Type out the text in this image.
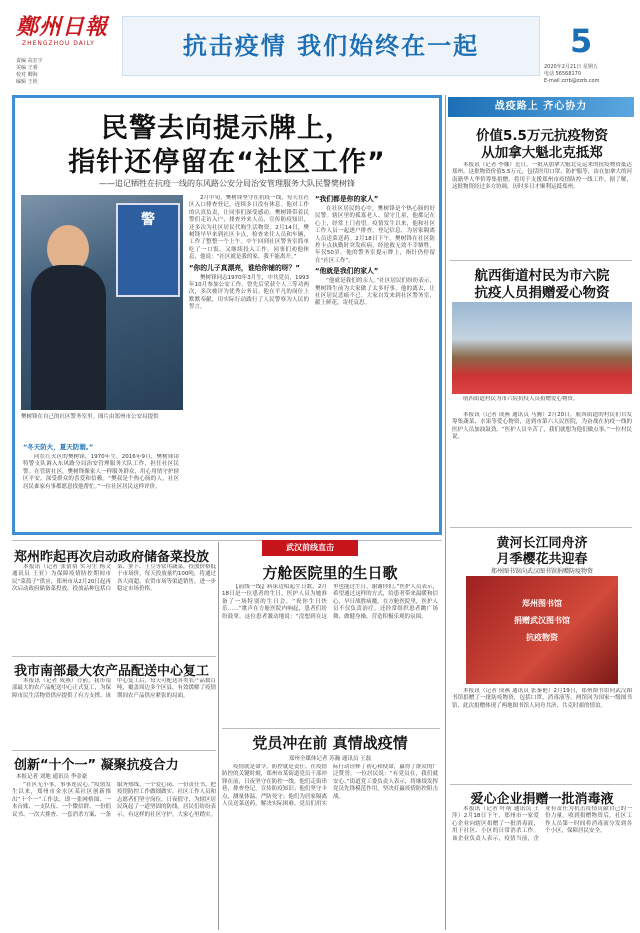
鄭州日報
ZHENGZHOU DAILY
责编 高宏宇
美编 王睿
校对 卿海
编辑 王艳
抗击疫情 我们始终在一起	5
2020年2月21日 星期五
电话 56568170
E-mail zzrb@zzrb.com
民警去向提示牌上，
指针还停留在“社区工作”
——追记牺牲在抗疫一线的东风路公安分局治安管理服务大队民警樊树锋
警
樊树锋在自己的社区警务室里。图片由郑州市公安局提供
“冬天防火，夏天防溺。”

同在红火区的樊树锋，1970年生，2016年9月，樊树锋由特警支队调入东风路分局治安管理服务大队工作，担任社区民警。在管辖社区，樊树锋像家人一样服务群众，用心用情守护辖区平安，深受群众的喜爱和信赖。“樊叔是个热心肠的人，社区居民谁家有事都愿意找他帮忙。”一位社区居民这样评价。

2月中旬，樊树锋坚守在抗疫一线，每天在社区入口排查登记，连续多日没有休息。他对工作的认真负责，让同事们深受感动。樊树锋带着民警们走访入户，排查外来人员，宣传防疫知识，还多次为社区居民代购生活物资。2月14日，樊树锋早早来到社区卡点，检查来往人员和车辆，工作了整整一个上午。中午回到社区警务室简单吃了一口饭，又继续投入工作。同事们劝他休息，他说：“社区就是我的家，我不能离开。”

“你的儿子真漂亮，谁给你铺的呀？”

樊树锋同志1970年3月生，中共党员，1993年10月参加公安工作。曾先后荣获个人三等功两次，多次被评为优秀公务员。他在平凡的岗位上默默奉献，用实际行动践行了人民警察为人民的誓言。

“我们都是你的家人”

在社区居民的心中，樊树锋是个热心肠的好民警。辖区里的孤寡老人、留守儿童，他都记在心上，经常上门看望。疫情发生以来，他和社区工作人员一起逐户排查，登记信息，为居家隔离人员送菜送药。2月18日下午，樊树锋在社区防控卡点执勤时突发疾病，经抢救无效不幸牺牲，年仅50岁。他的警务室提示牌上，指针仍停留在“社区工作”。

“他就是我们的家人”

“他就是我们的亲人。”社区居民们纷纷表示，樊树锋生前为大家做了太多好事。他的离去，让社区居民悲痛不已。大家自发来到社区警务室，献上鲜花，寄托哀思。

战疫路上 齐心协力
价值5.5万元抗疫物资
从加拿大魁北克抵郑

本报讯（记者 李娜）近日，一批从加拿大魁北克运来的抗疫物资抵达郑州。这批物资价值5.5万元，包括医用口罩、防护服等，由在加拿大的河南籍华人华侨筹集捐赠，将用于支援郑州市疫情防控一线工作。据了解，这批物资经过多方协调，历时多日才顺利运抵郑州。

航西街道村民为市六院
抗疫人员捐赠爱心物资

航西街道村民为市六院抗疫人员捐赠爱心物资。

本报讯（记者 成燕 通讯员 马腾）2月20日，航西街道的村民们自发筹集蔬菜、水果等爱心物资，送到市第六人民医院，为奋战在抗疫一线的医护人员加油鼓劲。“医护人员辛苦了，我们就想为他们做点事。”一位村民说。

黄河长江同舟济
月季樱花共迎春
郑州图书馆向武汉图书馆捐赠防疫物资
郑州图书馆
捐赠武汉图书馆
抗疫物资

本报讯（记者 成燕 通讯员 张秦艳）2月19日，郑州图书馆向武汉图书馆捐赠了一批防疫物资，包括口罩、消毒液等。两馆同为国家一级图书馆，此次捐赠体现了两地图书馆人同舟共济、共克时艰的情谊。

爱心企业捐赠一批消毒液

本报讯（记者 叶萌 通讯员 王萍）2月18日下午，郑州市一家爱心企业向辖区捐赠了一批消毒液，用于社区、小区的日常消杀工作。该企业负责人表示，疫情当前，企业有责任为抗击疫情贡献自己的一份力量。收到捐赠物资后，社区工作人员第一时间将消毒液分发到各个小区，保障居民安全。

郑州昨起再次启动政府储备菜投放

本报讯（记者 张倩倩 实习生 杨文 通讯员 王亚）为保障疫情防控期间市民“菜篮子”供应，郑州市从2月20日起再次启动政府储备菜投放，投放品种包括白菜、萝卜、土豆等常用蔬菜，投放价格低于市场价，每天投放量约100吨，将通过各大商超、农贸市场等渠道销售，进一步稳定市场价格。

我市南部最大农产品配送中心复工

本报讯（记者 成燕）日前，我市南部最大的农产品配送中心正式复工，为保障市民生活物资供应提供了有力支撑。该中心复工后，每天可配送各类农产品数百吨，覆盖周边多个区县，有效缓解了疫情期间农产品供应紧张的局面。

创新“十个一” 凝聚抗疫合力
本报记者 刘地 通讯员 李金豪

“社区无小事，事事连民心。”疫情发生以来，郑州市金水区某社区创新推出“十个一”工作法，即一张网格图、一本台账、一支队伍、一个微信群、一份倡议书、一次大排查、一套消杀方案、一条服务热线、一个爱心岗、一份责任书，把疫情防控工作做细做实。社区工作人员和志愿者们坚守岗位，日夜值守，为辖区居民筑起了一道坚固的防线。居民们纷纷表示，有这样的社区守护，大家心里踏实。

武汉前线直击
方舱医院里的生日歌

【前线一线】病床边唱起生日歌，2月18日是一位患者的生日，医护人员为她准备了一场特别的生日会。“祝你生日快乐……”歌声在方舱医院内响起，患者们纷纷鼓掌。这位患者激动地说：“没想到在这里也能过生日，谢谢你们。”医护人员表示，希望通过这样的方式，给患者带来温暖和信心，早日战胜病魔。在方舱医院里，医护人员不仅负责治疗，还经常组织患者跳广场舞、做健身操，营造积极乐观的氛围。

党员冲在前 真情战疫情
郑州全媒体记者 苏瀚 通讯员 王磊

疫情就是命令，防控就是责任。在疫情防控的关键时刻，郑州市某街道党员干部冲锋在前，日夜坚守在防控一线。他们走街串巷，排查登记，宣传防疫知识；他们坚守卡点，测量体温，严防死守；他们为居家隔离人员送菜送药，解决实际困难。党员们用实际行动诠释了初心和使命，赢得了群众的广泛赞誉。一位居民说：“有党员在，我们就安心。”街道党工委负责人表示，将继续发挥党员先锋模范作用，坚决打赢疫情防控阻击战。
